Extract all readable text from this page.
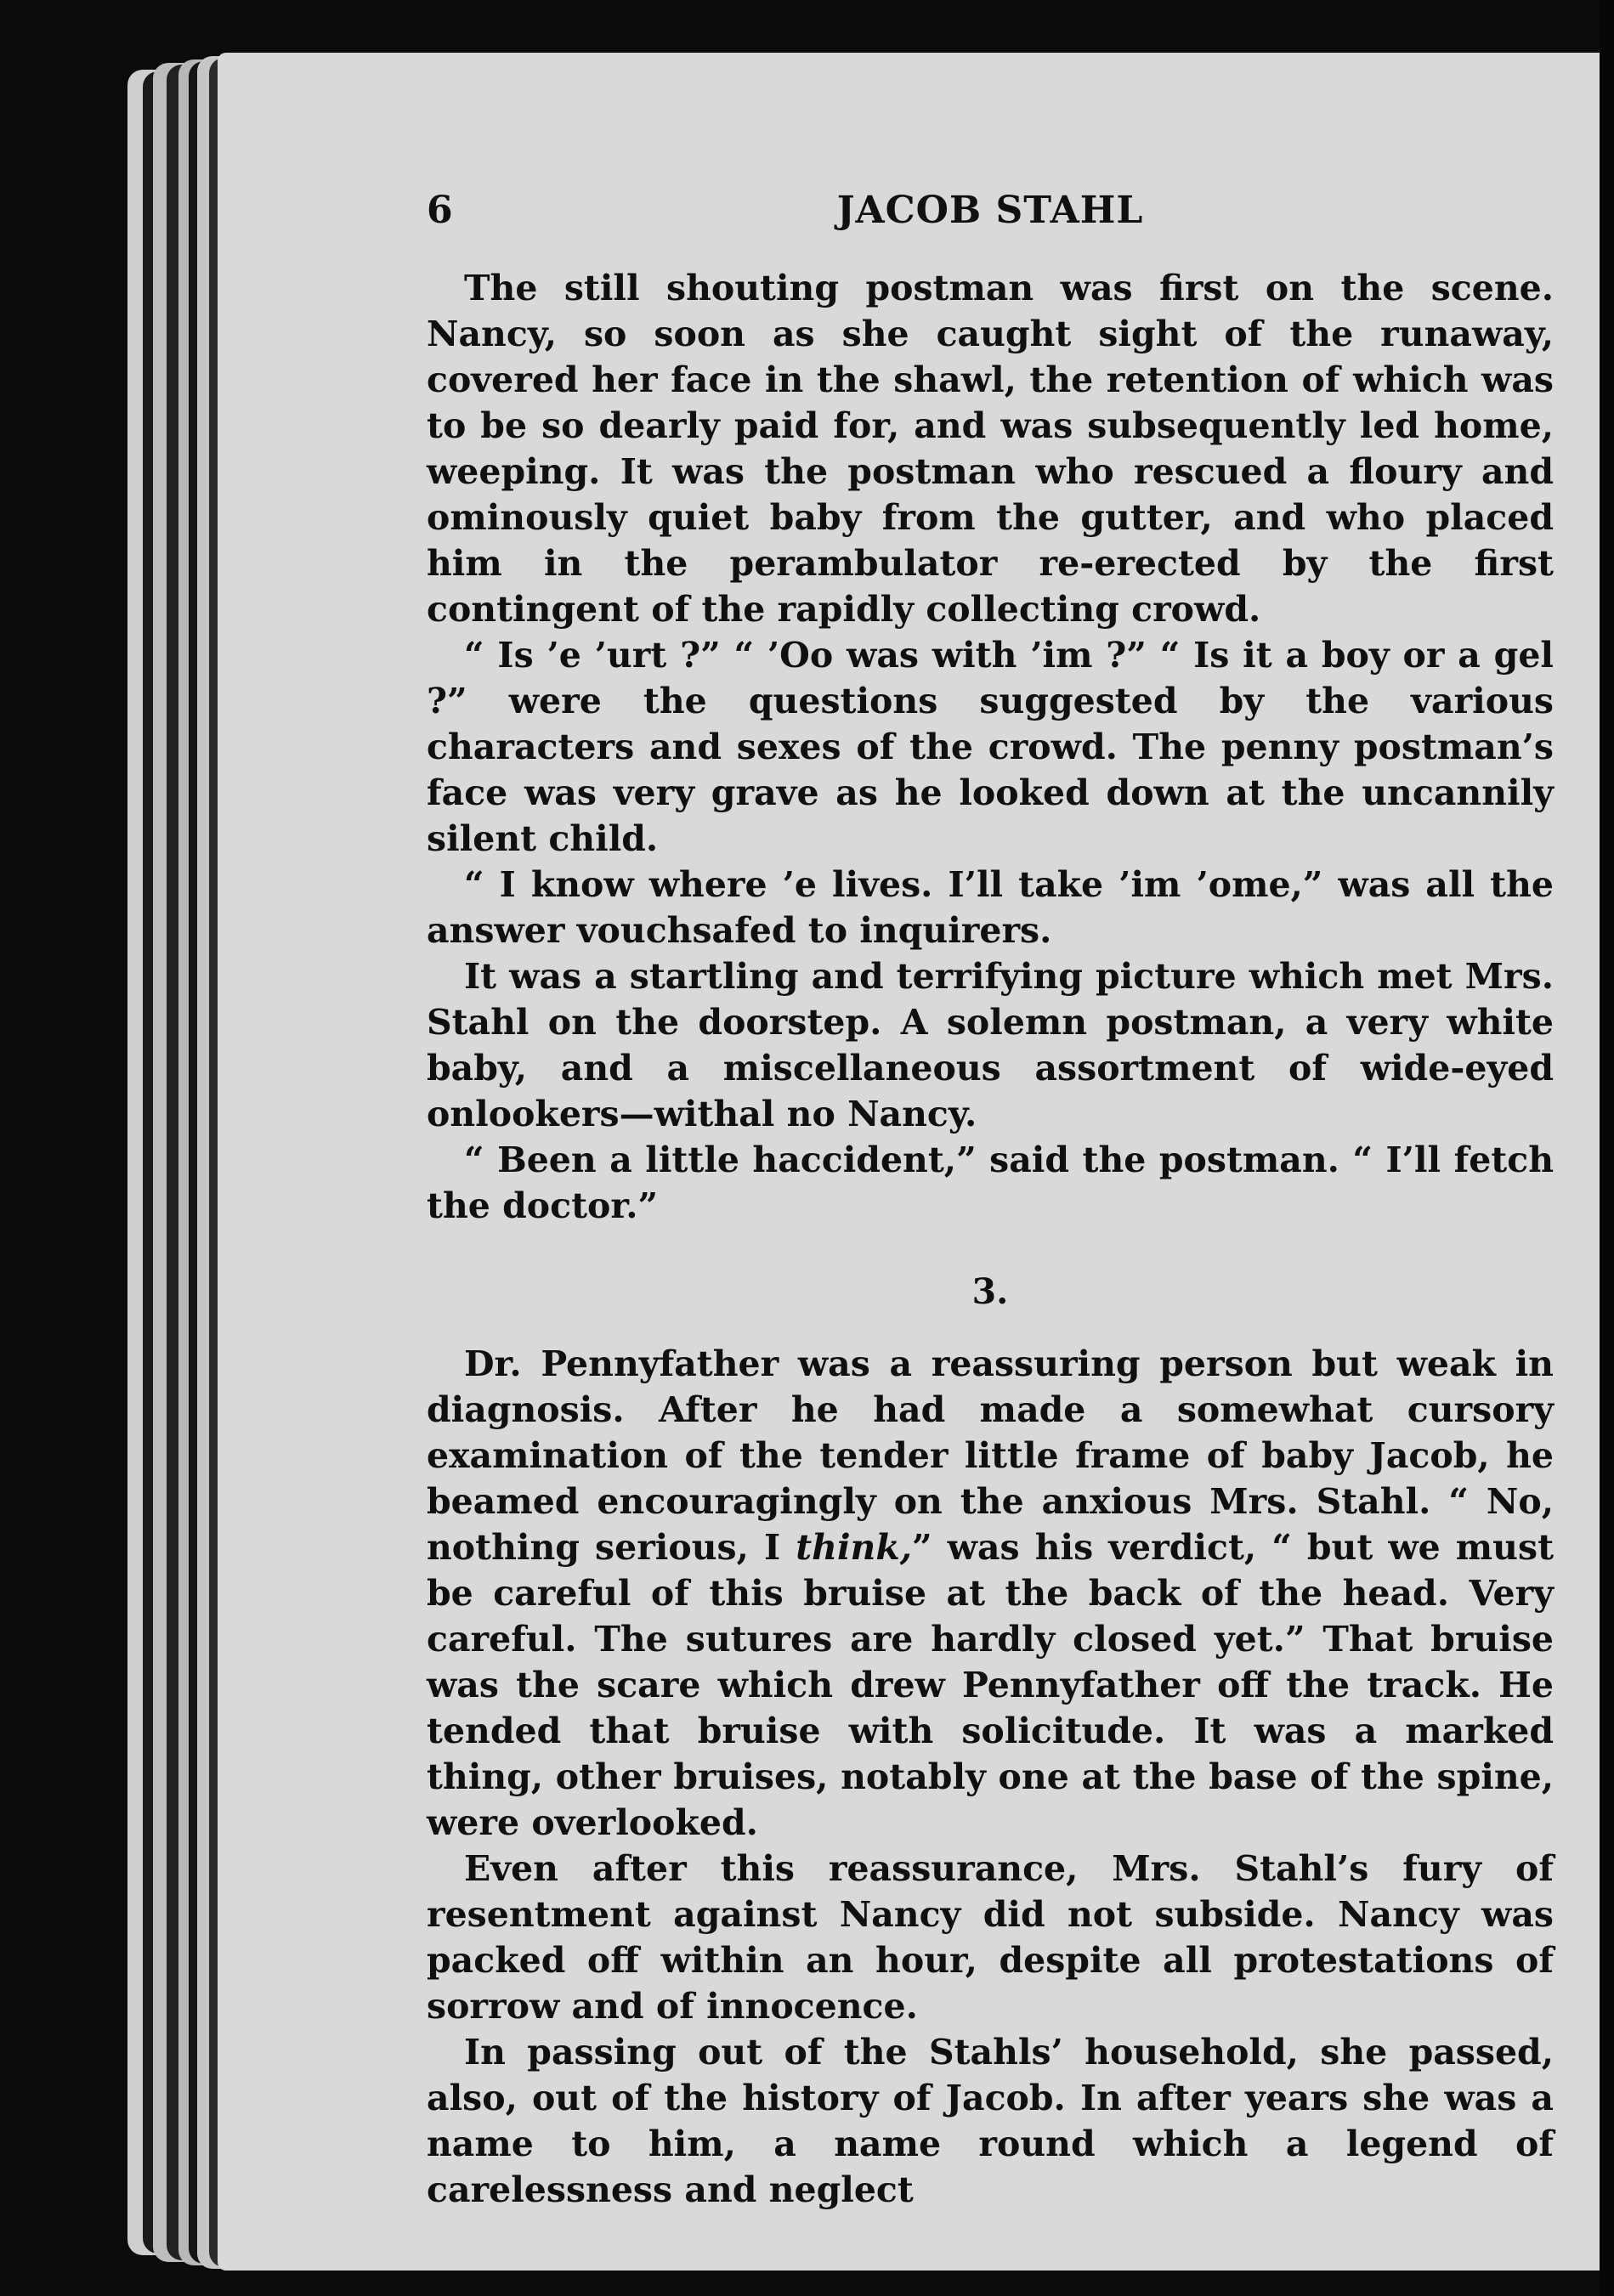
6	JACOB STAHL

The still shouting postman was first on the scene. Nancy, so soon as she caught sight of the runaway, covered her face in the shawl, the retention of which was to be so dearly paid for, and was subsequently led home, weeping. It was the postman who rescued a floury and ominously quiet baby from the gutter, and who placed him in the perambulator re-erected by the first contingent of the rapidly collecting crowd.

“ Is ’e ’urt ?” “ ’Oo was with ’im ?” “ Is it a boy or a gel ?” were the questions suggested by the various characters and sexes of the crowd. The penny postman’s face was very grave as he looked down at the uncannily silent child.

“ I know where ’e lives. I’ll take ’im ’ome,” was all the answer vouchsafed to inquirers.

It was a startling and terrifying picture which met Mrs. Stahl on the doorstep. A solemn postman, a very white baby, and a miscellaneous assortment of wide-eyed onlookers—withal no Nancy.

“ Been a little haccident,” said the postman. “ I’ll fetch the doctor.”

3.

Dr. Pennyfather was a reassuring person but weak in diagnosis. After he had made a somewhat cursory examination of the tender little frame of baby Jacob, he beamed encouragingly on the anxious Mrs. Stahl. “ No, nothing serious, I think,” was his verdict, “ but we must be careful of this bruise at the back of the head. Very careful. The sutures are hardly closed yet.” That bruise was the scare which drew Pennyfather off the track. He tended that bruise with solicitude. It was a marked thing, other bruises, notably one at the base of the spine, were overlooked.

Even after this reassurance, Mrs. Stahl’s fury of resentment against Nancy did not subside. Nancy was packed off within an hour, despite all protestations of sorrow and of innocence.

In passing out of the Stahls’ household, she passed, also, out of the history of Jacob. In after years she was a name to him, a name round which a legend of carelessness and neglect
